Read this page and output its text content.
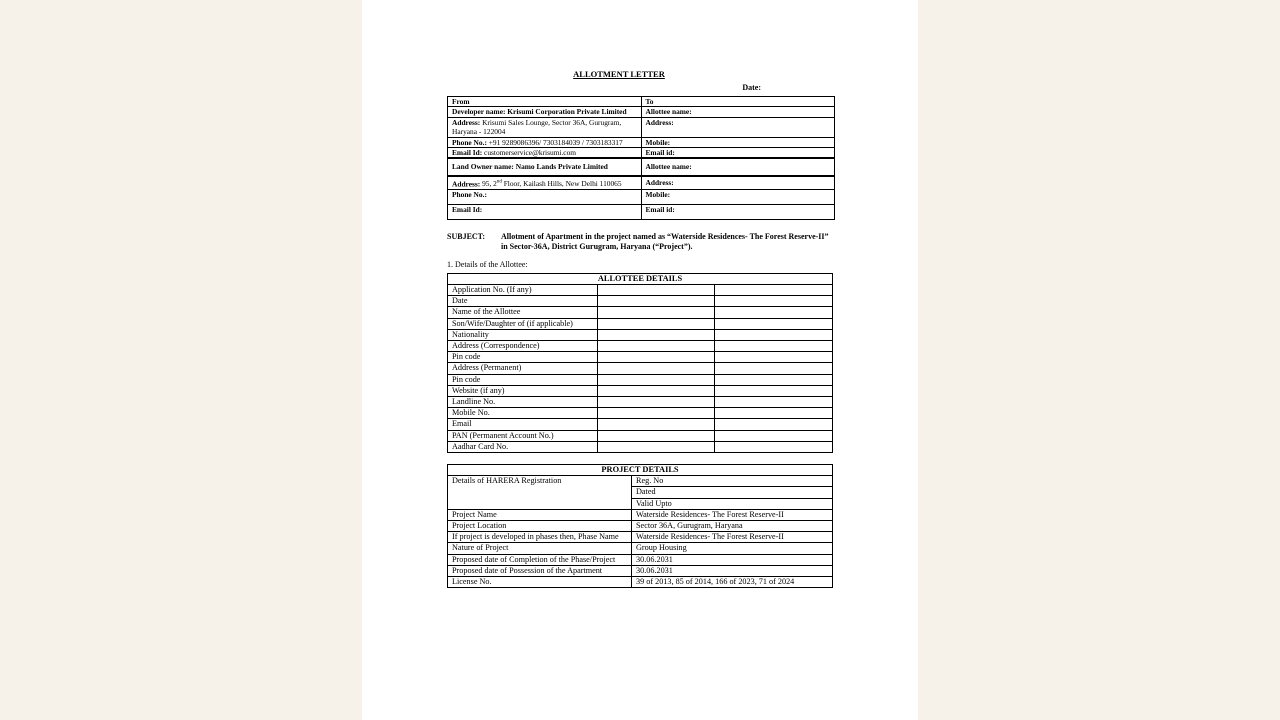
ALLOTMENT LETTER
Date:
From	To
Developer name: Krisumi Corporation Private Limited	Allottee name:
Address: Krisumi Sales Lounge, Sector 36A, Gurugram, Haryana - 122004	Address:
Phone No.: +91 9289086396/ 7303184039 / 7303183317	Mobile:
Email Id: customerservice@krisumi.com	Email id:
Land Owner name: Namo Lands Private Limited	Allottee name:
Address: 95, 2nd Floor, Kailash Hills, New Delhi 110065	Address:
Phone No.:	Mobile:
Email Id:	Email id:
SUBJECT:	Allotment of Apartment in the project named as “Waterside Residences- The Forest Reserve-II” in Sector-36A, District Gurugram, Haryana (“Project”).
1. Details of the Allottee:
ALLOTTEE DETAILS		
Application No. (If any)		
Date		
Name of the Allottee		
Son/Wife/Daughter of (if applicable)		
Nationality		
Address (Correspondence)		
Pin code		
Address (Permanent)		
Pin code		
Website (if any)		
Landline No.		
Mobile No.		
Email		
PAN (Permanent Account No.)		
Aadhar Card No.		
PROJECT DETAILS	
Details of HARERA Registration	Reg. No
	Dated
	Valid Upto
Project Name	Waterside Residences- The Forest Reserve-II
Project Location	Sector 36A, Gurugram, Haryana
If project is developed in phases then, Phase Name	Waterside Residences- The Forest Reserve-II
Nature of Project	Group Housing
Proposed date of Completion of the Phase/Project	30.06.2031
Proposed date of Possession of the Apartment	30.06.2031
License No.	39 of 2013, 85 of 2014, 166 of 2023, 71 of 2024
